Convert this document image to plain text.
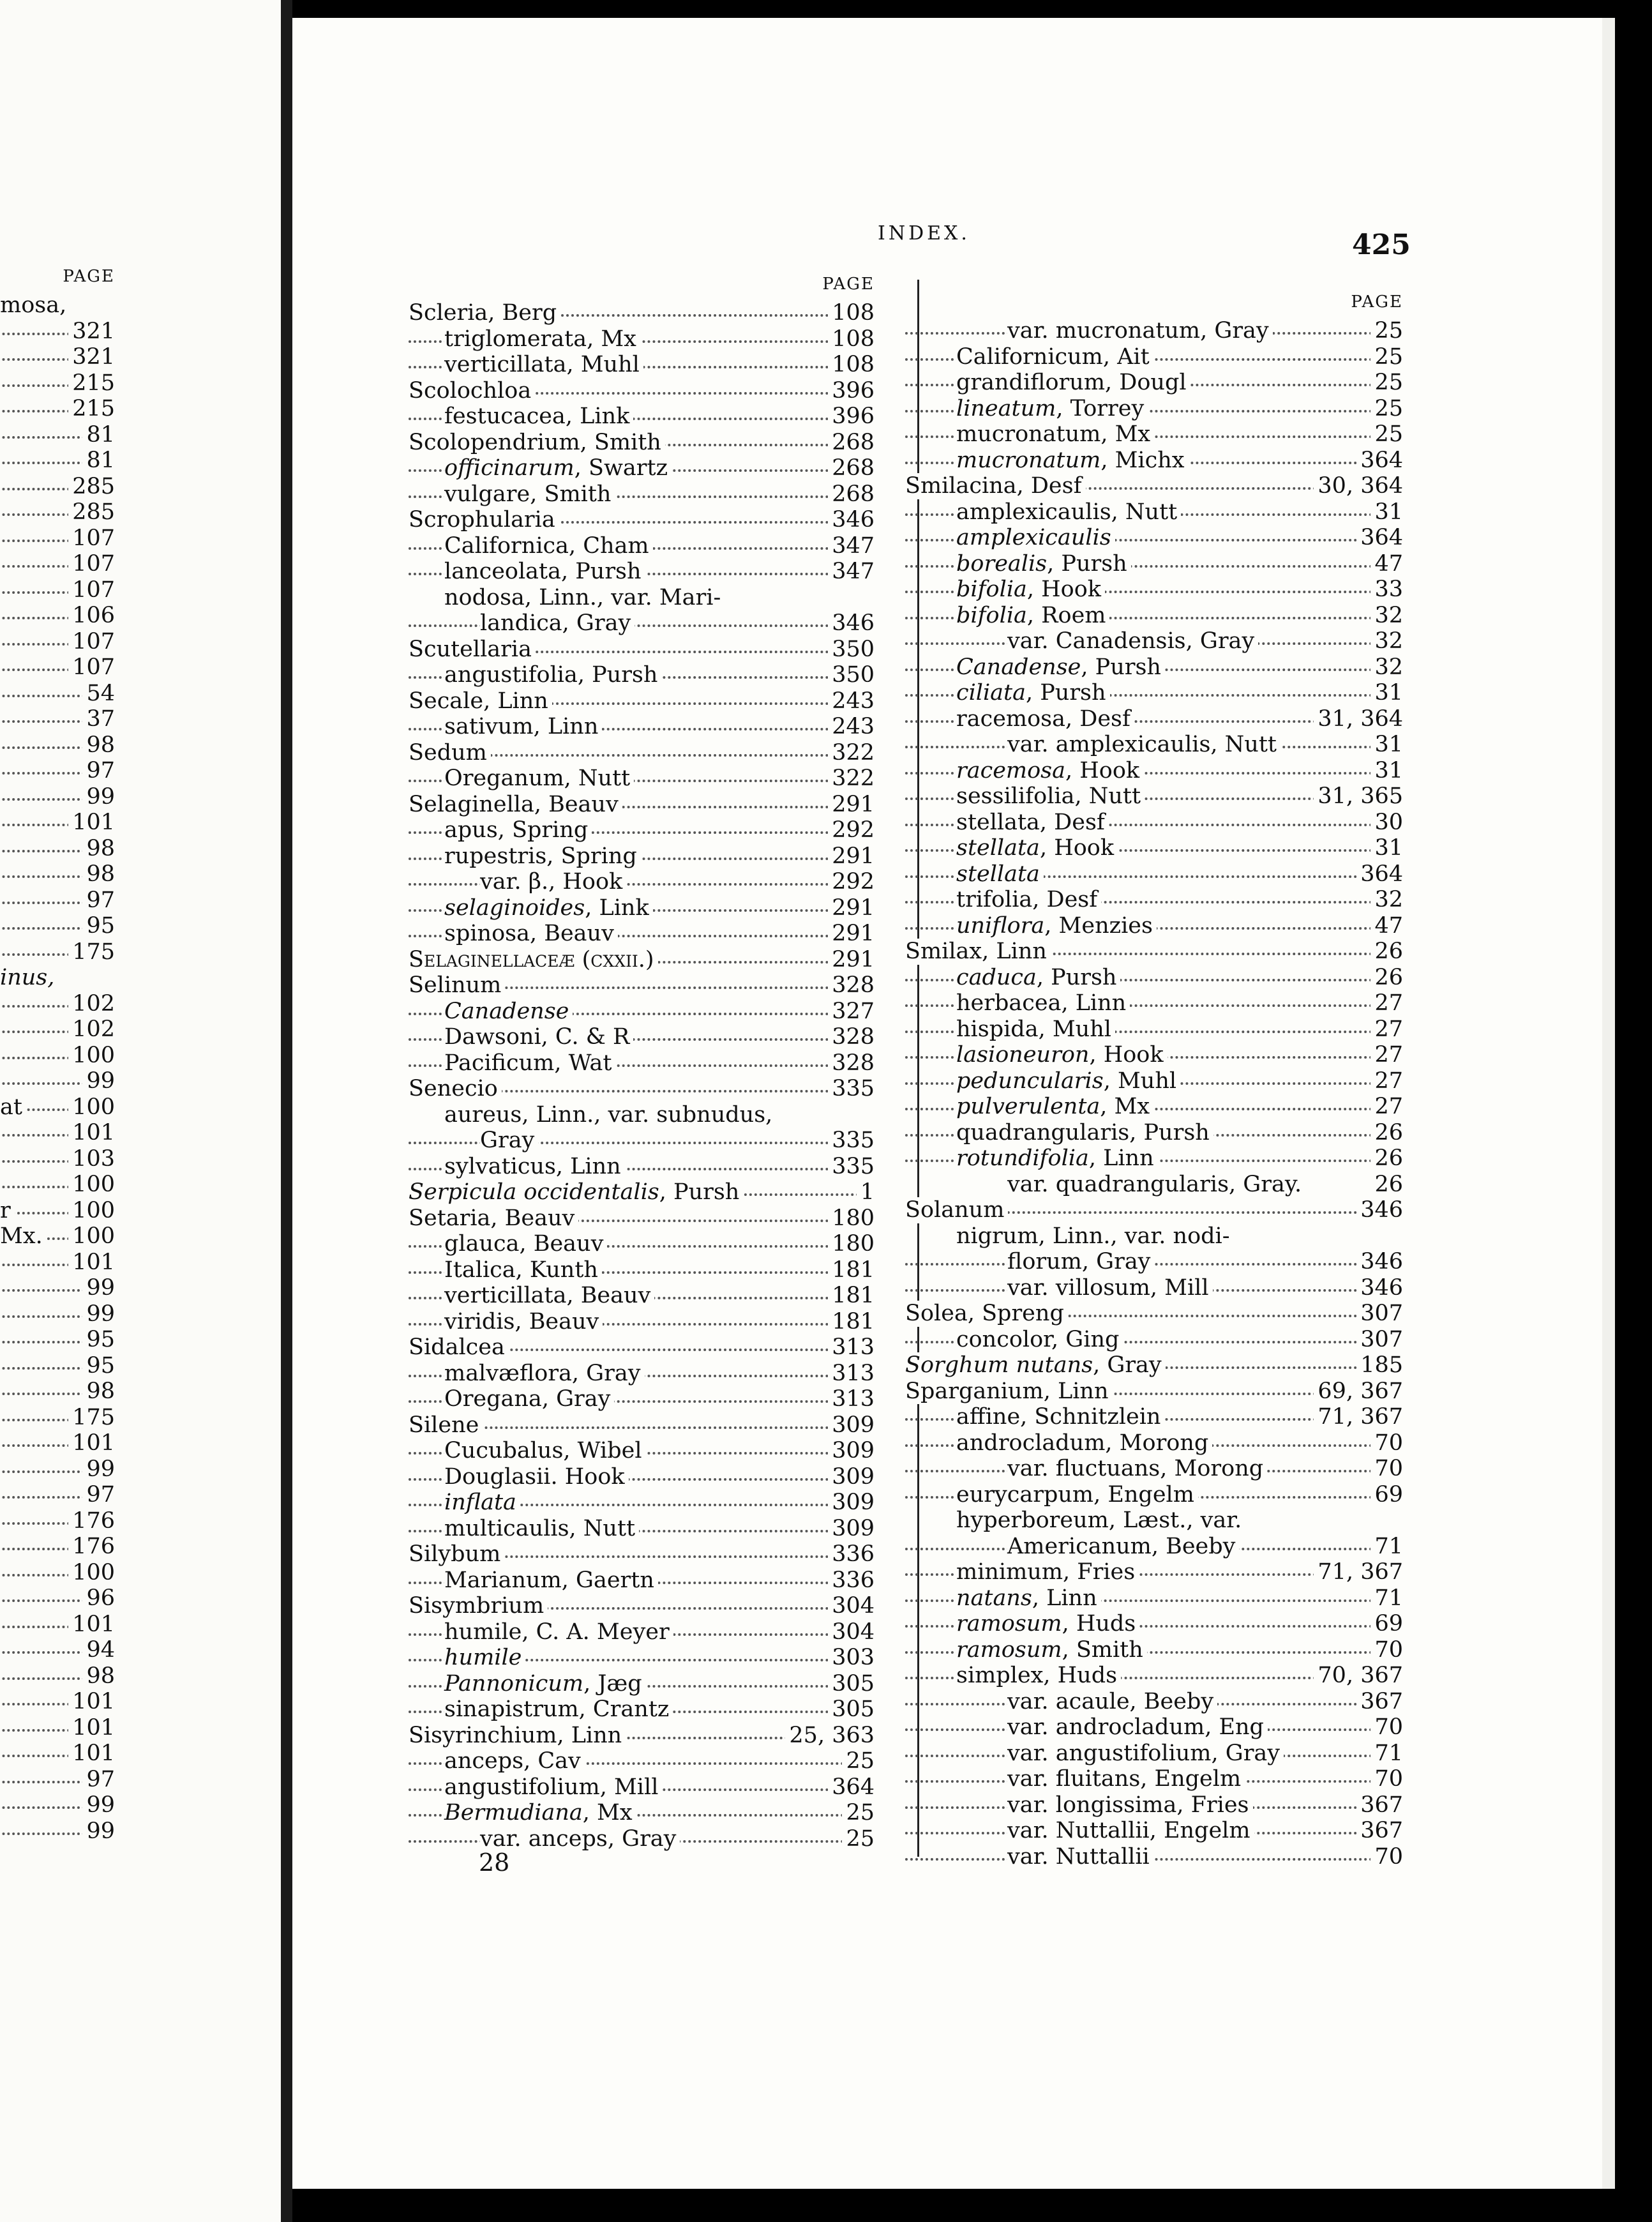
PAGE
mosa,
321
321
215
215
81
81
285
285
107
107
107
106
107
107
54
37
98
97
99
101
98
98
97
95
175
inus,
102
102
100
99
at 100
101
103
100
r	100
Mx. 100
101
99
99
95
95
98
175
101
99
97
176
176
100
96
101
94
98
101
101
101
97
99
99
INDEX.	425
PAGE
Scleria, Berg	108
triglomerata, Mx	108
verticillata, Muhl	108
Scolochloa	396
festucacea, Link	396
Scolopendrium, Smith	268
officinarum, Swartz	268
vulgare, Smith	268
Scrophularia	346
Californica, Cham	347
lanceolata, Pursh	347
nodosa, Linn., var. Mari-
landica, Gray	346
Scutellaria	350
angustifolia, Pursh	350
Secale, Linn	243
sativum, Linn	243
Sedum	322
Oreganum, Nutt	322
Selaginella, Beauv	291
apus, Spring	292
rupestris, Spring	291
var. β., Hook	292
selaginoides, Link	291
spinosa, Beauv	291
Selaginellaceæ (cxxii.)	291
Selinum	328
Canadense	327
Dawsoni, C. & R	328
Pacificum, Wat	328
Senecio	335
aureus, Linn., var. subnudus,
Gray	335
sylvaticus, Linn	335
Serpicula occidentalis, Pursh	1
Setaria, Beauv	180
glauca, Beauv	180
Italica, Kunth	181
verticillata, Beauv	181
viridis, Beauv	181
Sidalcea	313
malvæflora, Gray	313
Oregana, Gray	313
Silene	309
Cucubalus, Wibel	309
Douglasii. Hook	309
inflata	309
multicaulis, Nutt	309
Silybum	336
Marianum, Gaertn	336
Sisymbrium	304
humile, C. A. Meyer	304
humile	303
Pannonicum, Jæg	305
sinapistrum, Crantz	305
Sisyrinchium, Linn	25, 363
anceps, Cav	25
angustifolium, Mill	364
Bermudiana, Mx	25
var. anceps, Gray	25
PAGE
var. mucronatum, Gray	25
Californicum, Ait	25
grandiflorum, Dougl	25
lineatum, Torrey	25
mucronatum, Mx	25
mucronatum, Michx	364
Smilacina, Desf	30, 364
amplexicaulis, Nutt	31
amplexicaulis	364
borealis, Pursh	47
bifolia, Hook	33
bifolia, Roem	32
var. Canadensis, Gray	32
Canadense, Pursh	32
ciliata, Pursh	31
racemosa, Desf	31, 364
var. amplexicaulis, Nutt	31
racemosa, Hook	31
sessilifolia, Nutt	31, 365
stellata, Desf	30
stellata, Hook	31
stellata	364
trifolia, Desf	32
uniflora, Menzies	47
Smilax, Linn	26
caduca, Pursh	26
herbacea, Linn	27
hispida, Muhl	27
lasioneuron, Hook	27
peduncularis, Muhl	27
pulverulenta, Mx	27
quadrangularis, Pursh	26
rotundifolia, Linn	26
var. quadrangularis, Gray.	26
Solanum	346
nigrum, Linn., var. nodi-
florum, Gray	346
var. villosum, Mill	346
Solea, Spreng	307
concolor, Ging	307
Sorghum nutans, Gray	185
Sparganium, Linn	69, 367
affine, Schnitzlein	71, 367
androcladum, Morong	70
var. fluctuans, Morong	70
eurycarpum, Engelm	69
hyperboreum, Læst., var.
Americanum, Beeby	71
minimum, Fries	71, 367
natans, Linn	71
ramosum, Huds	69
ramosum, Smith	70
simplex, Huds	70, 367
var. acaule, Beeby	367
var. androcladum, Eng	70
var. angustifolium, Gray	71
var. fluitans, Engelm	70
var. longissima, Fries	367
var. Nuttallii, Engelm	367
var. Nuttallii	70
28
